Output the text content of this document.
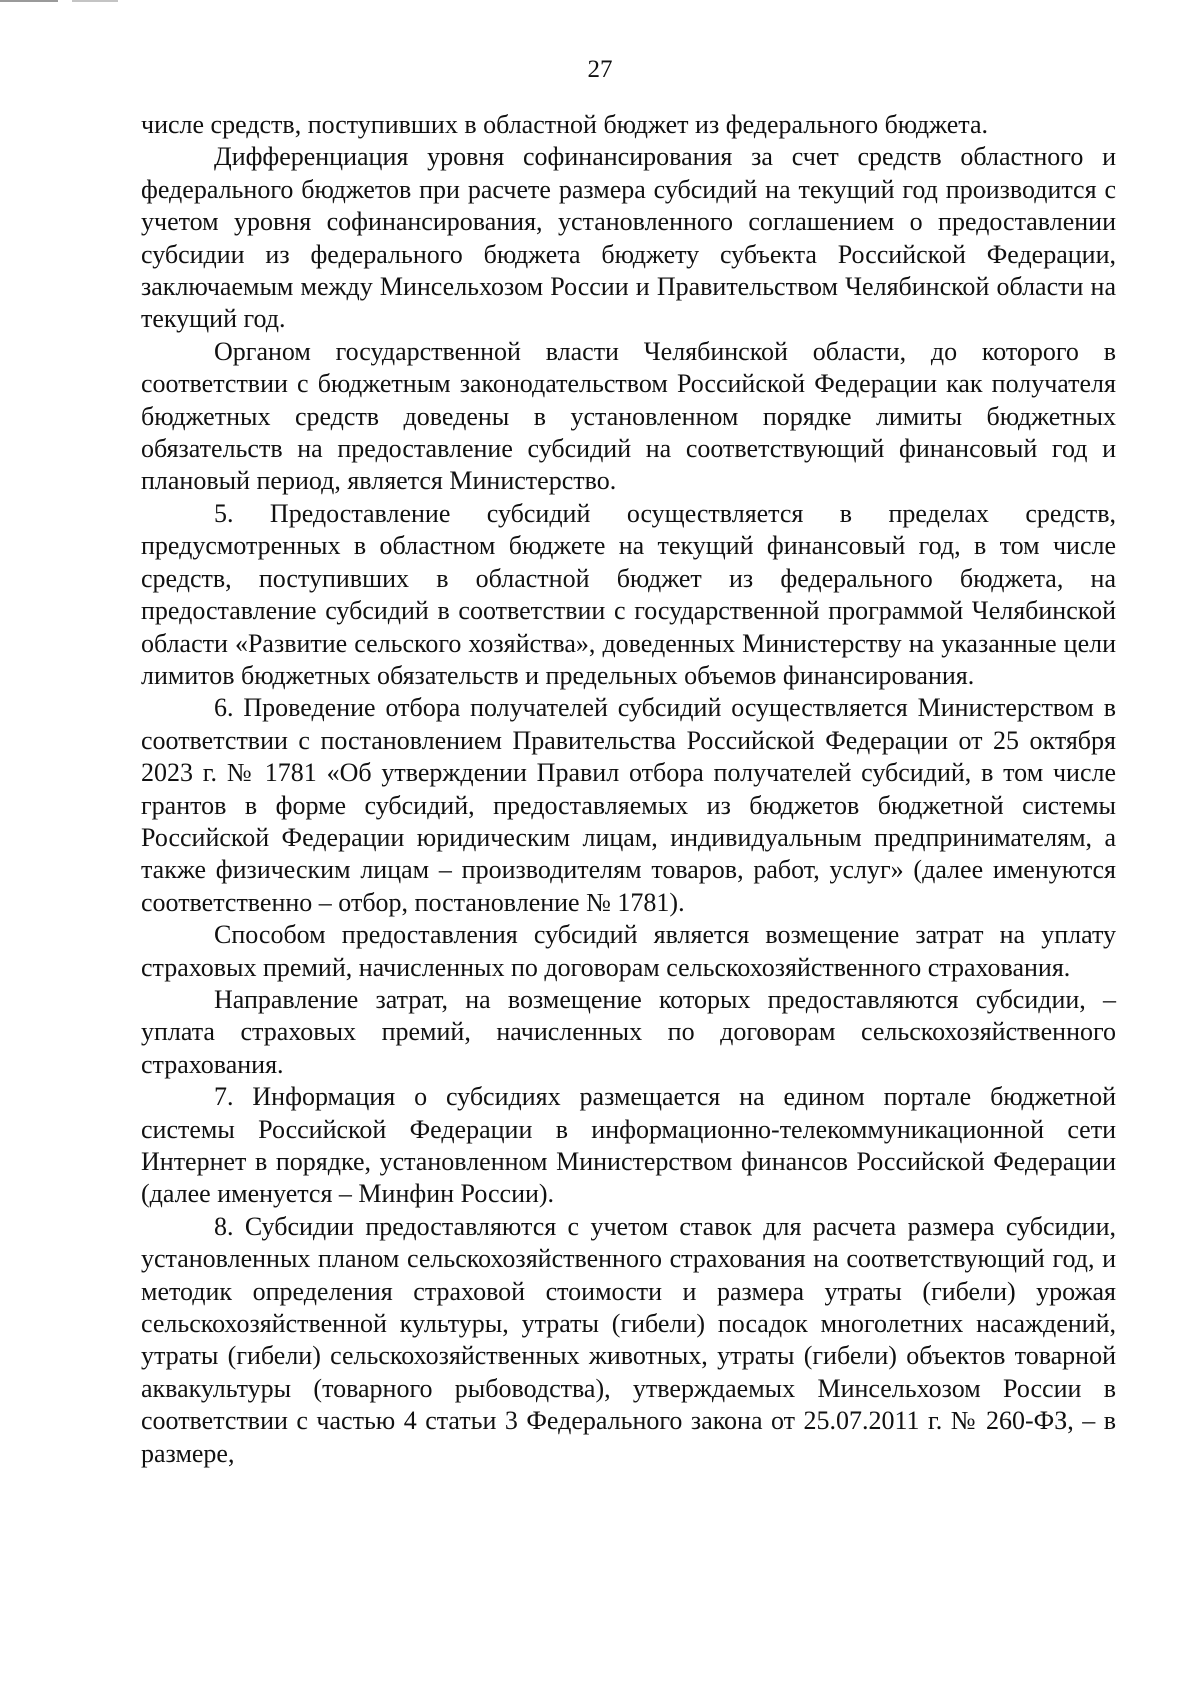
27

числе средств, поступивших в областной бюджет из федерального бюджета.

Дифференциация уровня софинансирования за счет средств областного и федерального бюджетов при расчете размера субсидий на текущий год производится с учетом уровня софинансирования, установленного соглашением о предоставлении субсидии из федерального бюджета бюджету субъекта Российской Федерации, заключаемым между Минсельхозом России и Правительством Челябинской области на текущий год.

Органом государственной власти Челябинской области, до которого в соответствии с бюджетным законодательством Российской Федерации как получателя бюджетных средств доведены в установленном порядке лимиты бюджетных обязательств на предоставление субсидий на соответствующий финансовый год и плановый период, является Министерство.

5. Предоставление субсидий осуществляется в пределах средств, предусмотренных в областном бюджете на текущий финансовый год, в том числе средств, поступивших в областной бюджет из федерального бюджета, на предоставление субсидий в соответствии с государственной программой Челябинской области «Развитие сельского хозяйства», доведенных Министерству на указанные цели лимитов бюджетных обязательств и предельных объемов финансирования.

6. Проведение отбора получателей субсидий осуществляется Министерством в соответствии с постановлением Правительства Российской Федерации от 25 октября 2023 г. № 1781 «Об утверждении Правил отбора получателей субсидий, в том числе грантов в форме субсидий, предоставляемых из бюджетов бюджетной системы Российской Федерации юридическим лицам, индивидуальным предпринимателям, а также физическим лицам – производителям товаров, работ, услуг» (далее именуются соответственно – отбор, постановление № 1781).

Способом предоставления субсидий является возмещение затрат на уплату страховых премий, начисленных по договорам сельскохозяйственного страхования.

Направление затрат, на возмещение которых предоставляются субсидии, – уплата страховых премий, начисленных по договорам сельскохозяйственного страхования.

7. Информация о субсидиях размещается на едином портале бюджетной системы Российской Федерации в информационно-телекоммуникационной сети Интернет в порядке, установленном Министерством финансов Российской Федерации (далее именуется – Минфин России).

8. Субсидии предоставляются с учетом ставок для расчета размера субсидии, установленных планом сельскохозяйственного страхования на соответствующий год, и методик определения страховой стоимости и размера утраты (гибели) урожая сельскохозяйственной культуры, утраты (гибели) посадок многолетних насаждений, утраты (гибели) сельскохозяйственных животных, утраты (гибели) объектов товарной аквакультуры (товарного рыбоводства), утверждаемых Минсельхозом России в соответствии с частью 4 статьи 3 Федерального закона от 25.07.2011 г. № 260-ФЗ, – в размере,
